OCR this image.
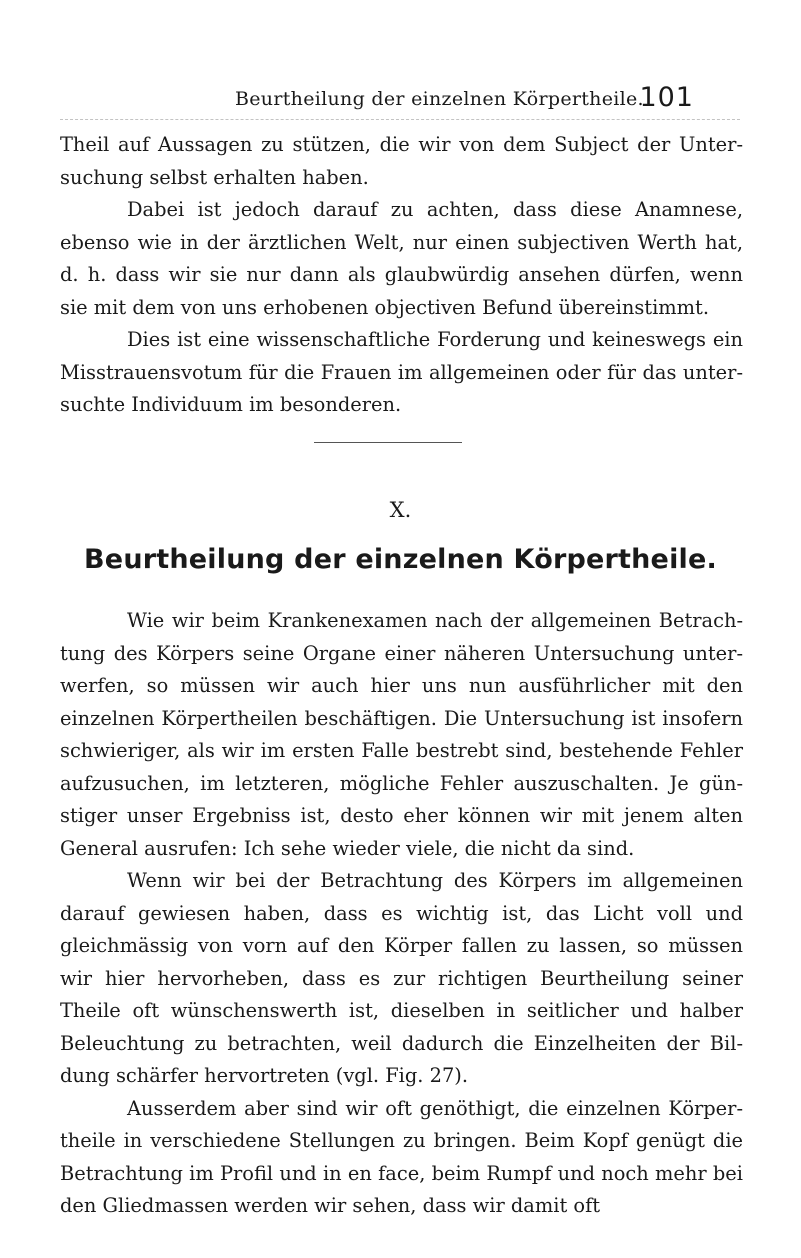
Beurtheilung der einzelnen Körpertheile.
101

Theil auf Aussagen zu stützen, die wir von dem Subject der Untersuchung selbst erhalten haben.

Dabei ist jedoch darauf zu achten, dass diese Anamnese, ebenso wie in der ärztlichen Welt, nur einen subjectiven Werth hat, d. h. dass wir sie nur dann als glaubwürdig ansehen dürfen, wenn sie mit dem von uns erhobenen objectiven Befund übereinstimmt.

Dies ist eine wissenschaftliche Forderung und keineswegs ein Misstrauensvotum für die Frauen im allgemeinen oder für das untersuchte Individuum im besonderen.

X.
Beurtheilung der einzelnen Körpertheile.

Wie wir beim Krankenexamen nach der allgemeinen Betrachtung des Körpers seine Organe einer näheren Untersuchung unterwerfen, so müssen wir auch hier uns nun ausführlicher mit den einzelnen Körpertheilen beschäftigen. Die Untersuchung ist insofern schwieriger, als wir im ersten Falle bestrebt sind, bestehende Fehler aufzusuchen, im letzteren, mögliche Fehler auszuschalten. Je günstiger unser Ergebniss ist, desto eher können wir mit jenem alten General ausrufen: Ich sehe wieder viele, die nicht da sind.

Wenn wir bei der Betrachtung des Körpers im allgemeinen darauf gewiesen haben, dass es wichtig ist, das Licht voll und gleichmässig von vorn auf den Körper fallen zu lassen, so müssen wir hier hervorheben, dass es zur richtigen Beurtheilung seiner Theile oft wünschenswerth ist, dieselben in seitlicher und halber Beleuchtung zu betrachten, weil dadurch die Einzelheiten der Bildung schärfer hervortreten (vgl. Fig. 27).

Ausserdem aber sind wir oft genöthigt, die einzelnen Körpertheile in verschiedene Stellungen zu bringen. Beim Kopf genügt die Betrachtung im Profil und in en face, beim Rumpf und noch mehr bei den Gliedmassen werden wir sehen, dass wir damit oft
